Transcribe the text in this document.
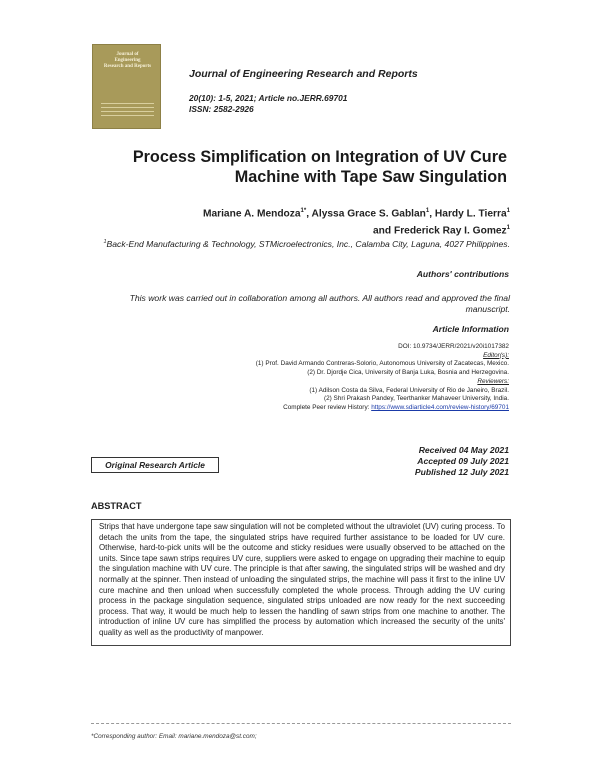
Journal of
Engineering
Research and Reports
Journal of Engineering Research and Reports
20(10): 1-5, 2021; Article no.JERR.69701
ISSN: 2582-2926
Process Simplification on Integration of UV Cure
Machine with Tape Saw Singulation
Mariane A. Mendoza$^{1*}$, Alyssa Grace S. Gablan$^1$, Hardy L. Tierra$^1$
and Frederick Ray I. Gomez$^1$
$^1$Back-End Manufacturing & Technology, STMicroelectronics, Inc., Calamba City, Laguna, 4027 Philippines.
Authors' contributions
This work was carried out in collaboration among all authors. All authors read and approved the final manuscript.
Article Information
DOI: 10.9734/JERR/2021/v20i1017382
Editor(s):
(1) Prof. David Armando Contreras-Solorio, Autonomous University of Zacatecas, Mexico.
(2) Dr. Djordje Cica, University of Banja Luka, Bosnia and Herzegovina.
Reviewers:
(1) Adilson Costa da Silva, Federal University of Rio de Janeiro, Brazil.
(2) Shri Prakash Pandey, Teerthanker Mahaveer University, India.
Complete Peer review History: https://www.sdiarticle4.com/review-history/69701
Original Research Article
Received 04 May 2021
Accepted 09 July 2021
Published 12 July 2021
ABSTRACT
Strips that have undergone tape saw singulation will not be completed without the ultraviolet (UV) curing process. To detach the units from the tape, the singulated strips have required further assistance to be loaded for UV cure. Otherwise, hard-to-pick units will be the outcome and sticky residues were usually observed to be attached on the units. Since tape sawn strips requires UV cure, suppliers were asked to engage on upgrading their machine to equip the singulation machine with UV cure. The principle is that after sawing, the singulated strips will be washed and dry normally at the spinner. Then instead of unloading the singulated strips, the machine will pass it first to the inline UV cure machine and then unload when successfully completed the whole process. Through adding the UV curing process in the package singulation sequence, singulated strips unloaded are now ready for the next succeeding process. That way, it would be much help to lessen the handling of sawn strips from one machine to another. The introduction of inline UV cure has simplified the process by automation which increased the security of the units' quality as well as the productivity of manpower.
*Corresponding author: Email: mariane.mendoza@st.com;
